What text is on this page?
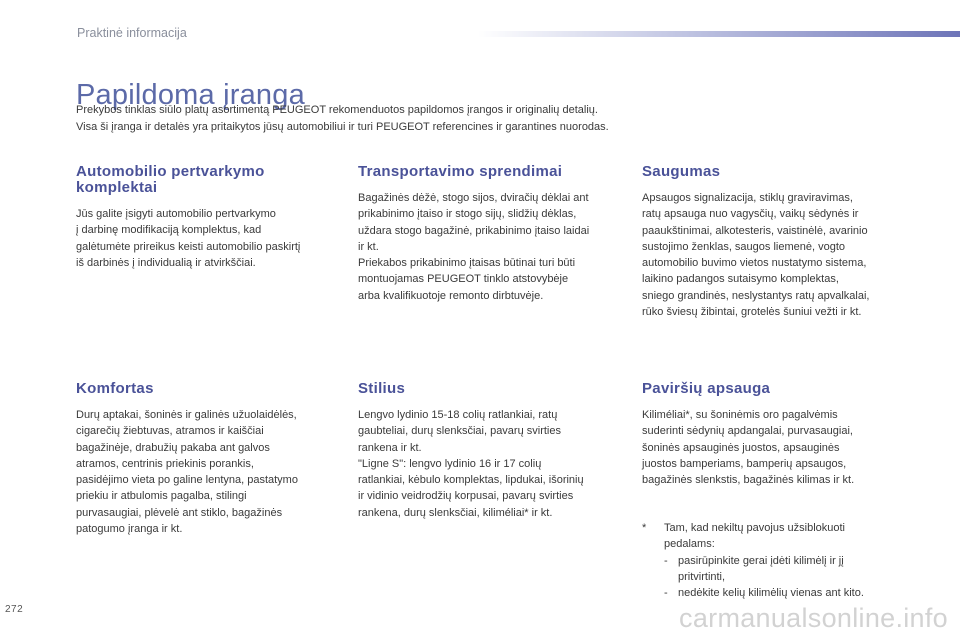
Praktinė informacija
Papildoma įranga

Prekybos tinklas siūlo platų asortimentą PEUGEOT rekomenduotos papildomos įrangos ir originalių detalių.

Visa ši įranga ir detalės yra pritaikytos jūsų automobiliui ir turi PEUGEOT referencines ir garantines nuorodas.

Automobilio pertvarkymo komplektai

Jūs galite įsigyti automobilio pertvarkymo

į darbinę modifikaciją komplektus, kad

galėtumėte prireikus keisti automobilio paskirtį

iš darbinės į individualią ir atvirkščiai.

Transportavimo sprendimai

Bagažinės dėžė, stogo sijos, dviračių dėklai ant

prikabinimo įtaiso ir stogo sijų, slidžių dėklas,

uždara stogo bagažinė, prikabinimo įtaiso laidai

ir kt.

Priekabos prikabinimo įtaisas būtinai turi būti

montuojamas PEUGEOT tinklo atstovybėje

arba kvalifikuotoje remonto dirbtuvėje.

Saugumas

Apsaugos signalizacija, stiklų graviravimas,

ratų apsauga nuo vagysčių, vaikų sėdynės ir

paaukštinimai, alkotesteris, vaistinėlė, avarinio

sustojimo ženklas, saugos liemenė, vogto

automobilio buvimo vietos nustatymo sistema,

laikino padangos sutaisymo komplektas,

sniego grandinės, neslystantys ratų apvalkalai,

rūko šviesų žibintai, grotelės šuniui vežti ir kt.

Komfortas

Durų aptakai, šoninės ir galinės užuolaidėlės,

cigarečių žiebtuvas, atramos ir kaiščiai

bagažinėje, drabužių pakaba ant galvos

atramos, centrinis priekinis porankis,

pasidėjimo vieta po galine lentyna, pastatymo

priekiu ir atbulomis pagalba, stilingi

purvasaugiai, plėvelė ant stiklo, bagažinės

patogumo įranga ir kt.

Stilius

Lengvo lydinio 15-18 colių ratlankiai, ratų

gaubteliai, durų slenksčiai, pavarų svirties

rankena ir kt.

"Ligne S": lengvo lydinio 16 ir 17 colių

ratlankiai, kėbulo komplektas, lipdukai, išorinių

ir vidinio veidrodžių korpusai, pavarų svirties

rankena, durų slenksčiai, kiliméliai* ir kt.

Paviršių apsauga

Kiliméliai*, su šoninėmis oro pagalvėmis

suderinti sėdynių apdangalai, purvasaugiai,

šoninės apsauginės juostos, apsauginės

juostos bamperiams, bamperių apsaugos,

bagažinės slenkstis, bagažinės kilimas ir kt.

* Tam, kad nekiltų pavojus užsiblokuoti
pedalams:
- pasirūpinkite gerai įdėti kilimėlį ir jį
pritvirtinti,
- nedėkite kelių kilimėlių vienas ant kito.
272	carmanualsonline.info
